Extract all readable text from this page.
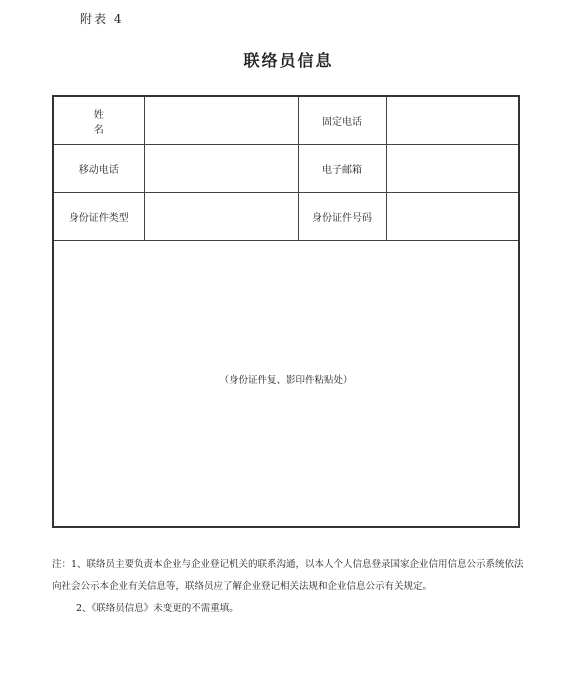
附表 4
联络员信息
姓 名		固定电话	
移动电话		电子邮箱	
身份证件类型		身份证件号码	
（身份证件复、影印件粘贴处）

注：1、联络员主要负责本企业与企业登记机关的联系沟通，以本人个人信息登录国家企业信用信息公示系统依法向社会公示本企业有关信息等，联络员应了解企业登记相关法规和企业信息公示有关规定。

2、《联络员信息》未变更的不需重填。
